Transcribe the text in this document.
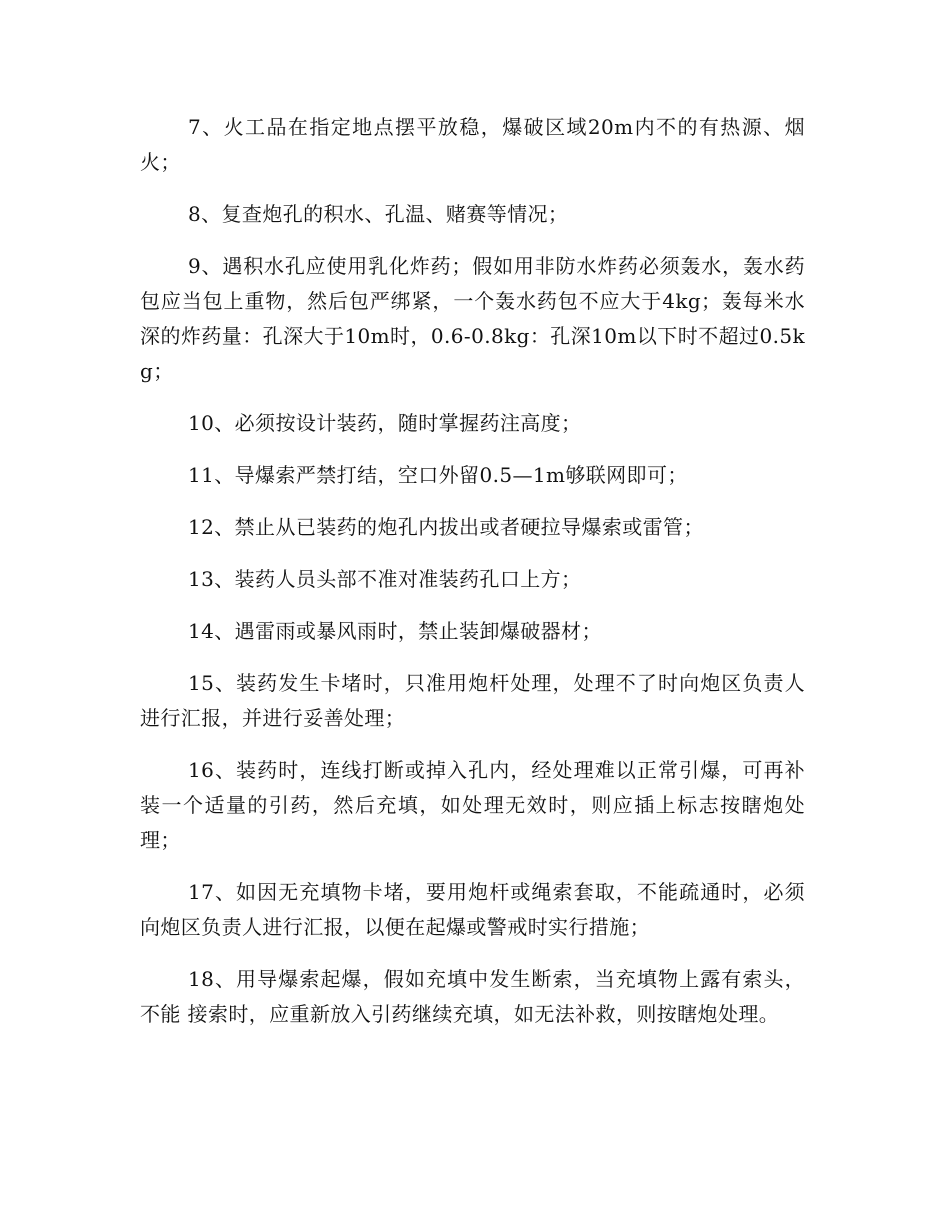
7、火工品在指定地点摆平放稳，爆破区域20m内不的有热源、烟火；

8、复查炮孔的积水、孔温、赌赛等情况；

9、遇积水孔应使用乳化炸药；假如用非防水炸药必须轰水，轰水药包应当包上重物，然后包严绑紧，一个轰水药包不应大于4kg；轰每米水深的炸药量：孔深大于10m时，0.6-0.8kg：孔深10m以下时不超过0.5kg；

10、必须按设计装药，随时掌握药注高度；

11、导爆索严禁打结，空口外留0.5—1m够联网即可；

12、禁止从已装药的炮孔内拔出或者硬拉导爆索或雷管；

13、装药人员头部不准对准装药孔口上方；

14、遇雷雨或暴风雨时，禁止装卸爆破器材；

15、装药发生卡堵时，只准用炮杆处理，处理不了时向炮区负责人进行汇报，并进行妥善处理；

16、装药时，连线打断或掉入孔内，经处理难以正常引爆，可再补装一个适量的引药，然后充填，如处理无效时，则应插上标志按瞎炮处理；

17、如因无充填物卡堵，要用炮杆或绳索套取，不能疏通时，必须向炮区负责人进行汇报，以便在起爆或警戒时实行措施；

18、用导爆索起爆，假如充填中发生断索，当充填物上露有索头，不能 接索时，应重新放入引药继续充填，如无法补救，则按瞎炮处理。
